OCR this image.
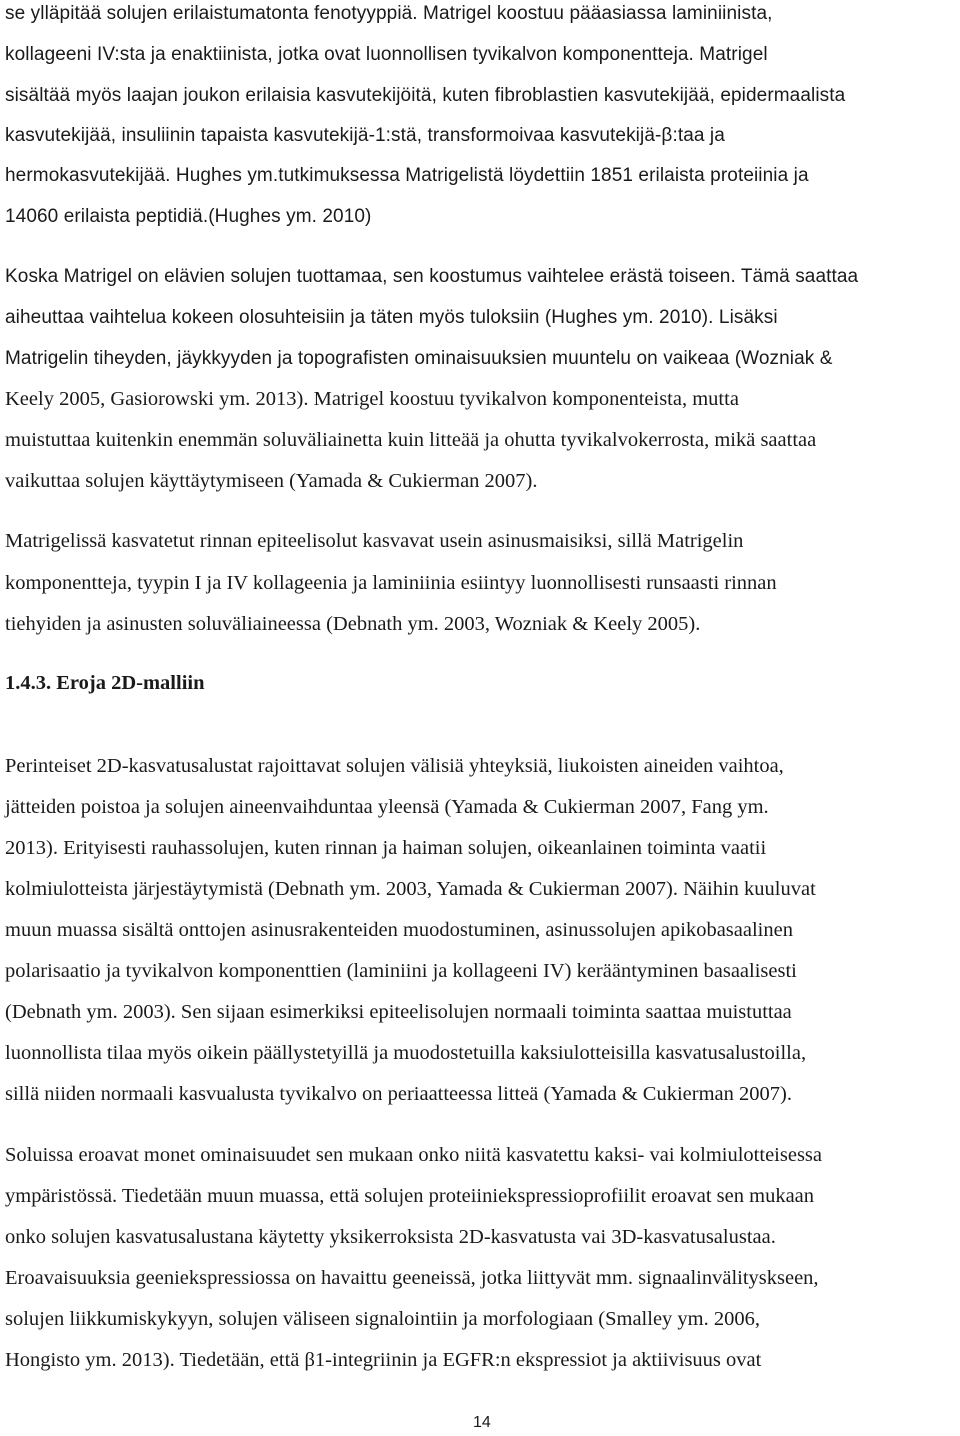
se ylläpitää solujen erilaistumatonta fenotyyppiä. Matrigel koostuu pääasiassa laminiinista,
kollageeni IV:sta ja enaktiinista, jotka ovat luonnollisen tyvikalvon komponentteja. Matrigel
sisältää myös laajan joukon erilaisia kasvutekijöitä, kuten fibroblastien kasvutekijää, epidermaalista
kasvutekijää, insuliinin tapaista kasvutekijä-1:stä, transformoivaa kasvutekijä-β:taa ja
hermokasvutekijää. Hughes ym.tutkimuksessa Matrigelistä löydettiin 1851 erilaista proteiinia ja
14060 erilaista peptidiä.(Hughes ym. 2010)
Koska Matrigel on elävien solujen tuottamaa, sen koostumus vaihtelee erästä toiseen. Tämä saattaa
aiheuttaa vaihtelua kokeen olosuhteisiin ja täten myös tuloksiin (Hughes ym. 2010). Lisäksi
Matrigelin tiheyden, jäykkyyden ja topografisten ominaisuuksien muuntelu on vaikeaa (Wozniak &
Keely 2005, Gasiorowski ym. 2013). Matrigel koostuu tyvikalvon komponenteista, mutta
muistuttaa kuitenkin enemmän soluväliainetta kuin litteää ja ohutta tyvikalvokerrosta, mikä saattaa
vaikuttaa solujen käyttäytymiseen (Yamada & Cukierman 2007).
Matrigelissä kasvatetut rinnan epiteelisolut kasvavat usein asinusmaisiksi, sillä Matrigelin
komponentteja, tyypin I ja IV kollageenia ja laminiinia esiintyy luonnollisesti runsaasti rinnan
tiehyiden ja asinusten soluväliaineessa (Debnath ym. 2003, Wozniak & Keely 2005).
1.4.3. Eroja 2D-malliin
Perinteiset 2D-kasvatusalustat rajoittavat solujen välisiä yhteyksiä, liukoisten aineiden vaihtoa,
jätteiden poistoa ja solujen aineenvaihduntaa yleensä (Yamada & Cukierman 2007, Fang ym.
2013). Erityisesti rauhassolujen, kuten rinnan ja haiman solujen, oikeanlainen toiminta vaatii
kolmiulotteista järjestäytymistä (Debnath ym. 2003, Yamada & Cukierman 2007). Näihin kuuluvat
muun muassa sisältä onttojen asinusrakenteiden muodostuminen, asinussolujen apikobasaalinen
polarisaatio ja tyvikalvon komponenttien (laminiini ja kollageeni IV) kerääntyminen basaalisesti
(Debnath ym. 2003). Sen sijaan esimerkiksi epiteelisolujen normaali toiminta saattaa muistuttaa
luonnollista tilaa myös oikein päällystetyillä ja muodostetuilla kaksiulotteisilla kasvatusalustoilla,
sillä niiden normaali kasvualusta tyvikalvo on periaatteessa litteä (Yamada & Cukierman 2007).
Soluissa eroavat monet ominaisuudet sen mukaan onko niitä kasvatettu kaksi- vai kolmiulotteisessa
ympäristössä. Tiedetään muun muassa, että solujen proteiiniekspressioprofiilit eroavat sen mukaan
onko solujen kasvatusalustana käytetty yksikerroksista 2D-kasvatusta vai 3D-kasvatusalustaa.
Eroavaisuuksia geeniekspressiossa on havaittu geeneissä, jotka liittyvät mm. signaalinvälityskseen,
solujen liikkumiskykyyn, solujen väliseen signalointiin ja morfologiaan (Smalley ym. 2006,
Hongisto ym. 2013). Tiedetään, että β1-integriinin ja EGFR:n ekspressiot ja aktiivisuus ovat
14
